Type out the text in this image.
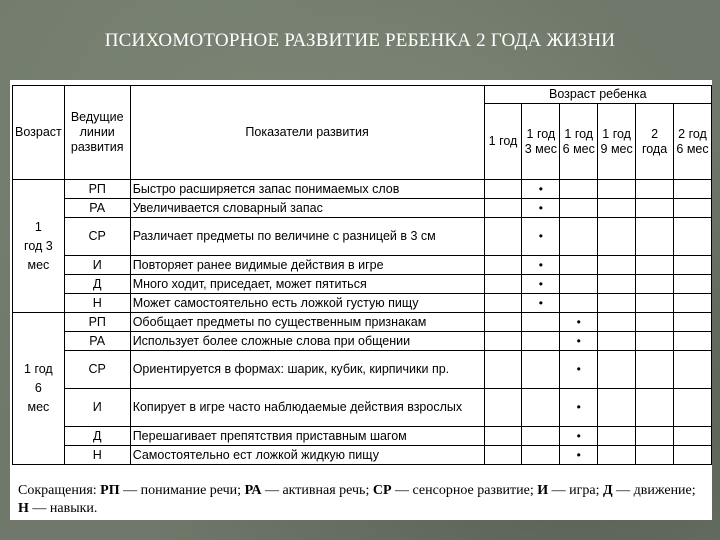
ПСИХОМОТОРНОЕ РАЗВИТИЕ РЕБЕНКА 2 ГОДА ЖИЗНИ
Возраст	Ведущие линии развития	Показатели развития	Возраст ребенка					
			1 год	1 год 3 мес	1 год 6 мес	1 год 9 мес	2 года	2 год 6 мес

1
год 3
мес	РП	Быстро расширяется запас понимаемых слов		•				
	РА	Увеличивается словарный запас		•				
	СР	Различает предметы по величине с разницей в 3 см		•				
	И	Повторяет ранее видимые действия в игре		•				
	Д	Много ходит, приседает, может пятиться		•				
	Н	Может самостоятельно есть ложкой густую пищу		•				

1 год
6
мес	РП	Обобщает предметы по существенным признакам			•			
	РА	Использует более сложные слова при общении			•			
	СР	Ориентируется в формах: шарик, кубик, кирпичики пр.			•			
	И	Копирует в игре часто наблюдаемые действия взрослых			•			
	Д	Перешагивает препятствия приставным шагом			•			
	Н	Самостоятельно ест ложкой жидкую пищу			•			
Сокращения: РП — понимание речи; РА — активная речь; СР — сенсорное развитие; И — игра; Д — движение; Н — навыки.
